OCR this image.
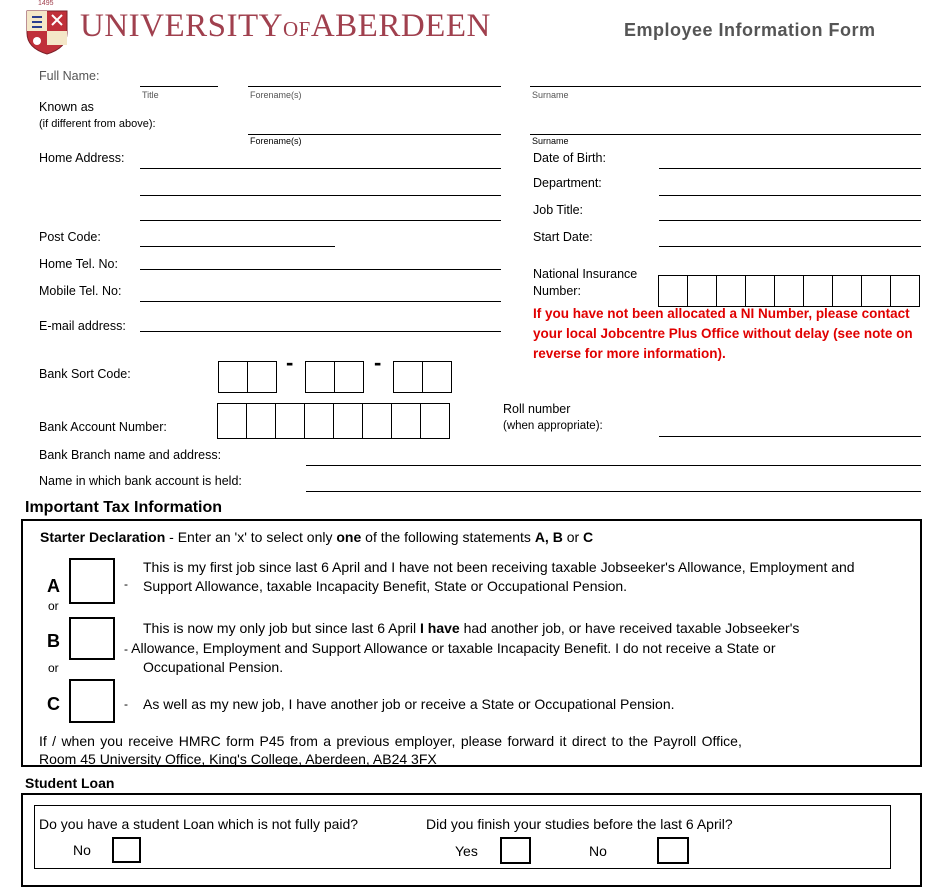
1495
UNIVERSITYOFABERDEEN	Employee Information Form
Full Name:
Title	Forename(s)	Surname
Known as
(if different from above):
Forename(s)	Surname
Home Address:
Post Code:
Home Tel. No:
Mobile Tel. No:
E-mail address:
Date of Birth:
Department:
Job Title:
Start Date:
National Insurance
Number:
If you have not been allocated a NI Number, please contact your local Jobcentre Plus Office without delay (see note on reverse for more information).
Bank Sort Code:	-	-
Bank Account Number:
Roll number
(when appropriate):
Bank Branch name and address:
Name in which bank account is held:
Important Tax Information
Starter Declaration - Enter an 'x' to select only one of the following statements A, B or C
A	-
This is my first job since last 6 April and I have not been receiving taxable Jobseeker's Allowance, Employment and Support Allowance, taxable Incapacity Benefit, State or Occupational Pension.
or
B
This is now my only job but since last 6 April I have had another job, or have received taxable Jobseeker's
- Allowance, Employment and Support Allowance or taxable Incapacity Benefit. I do not receive a State or
Occupational Pension.
or
C	- As well as my new job, I have another job or receive a State or Occupational Pension.
If / when you receive HMRC form P45 from a previous employer, please forward it direct to the Payroll Office,
Room 45 University Office, King's College, Aberdeen, AB24 3FX
Student Loan
Do you have a student Loan which is not fully paid?
No
Did you finish your studies before the last 6 April?
Yes	No
